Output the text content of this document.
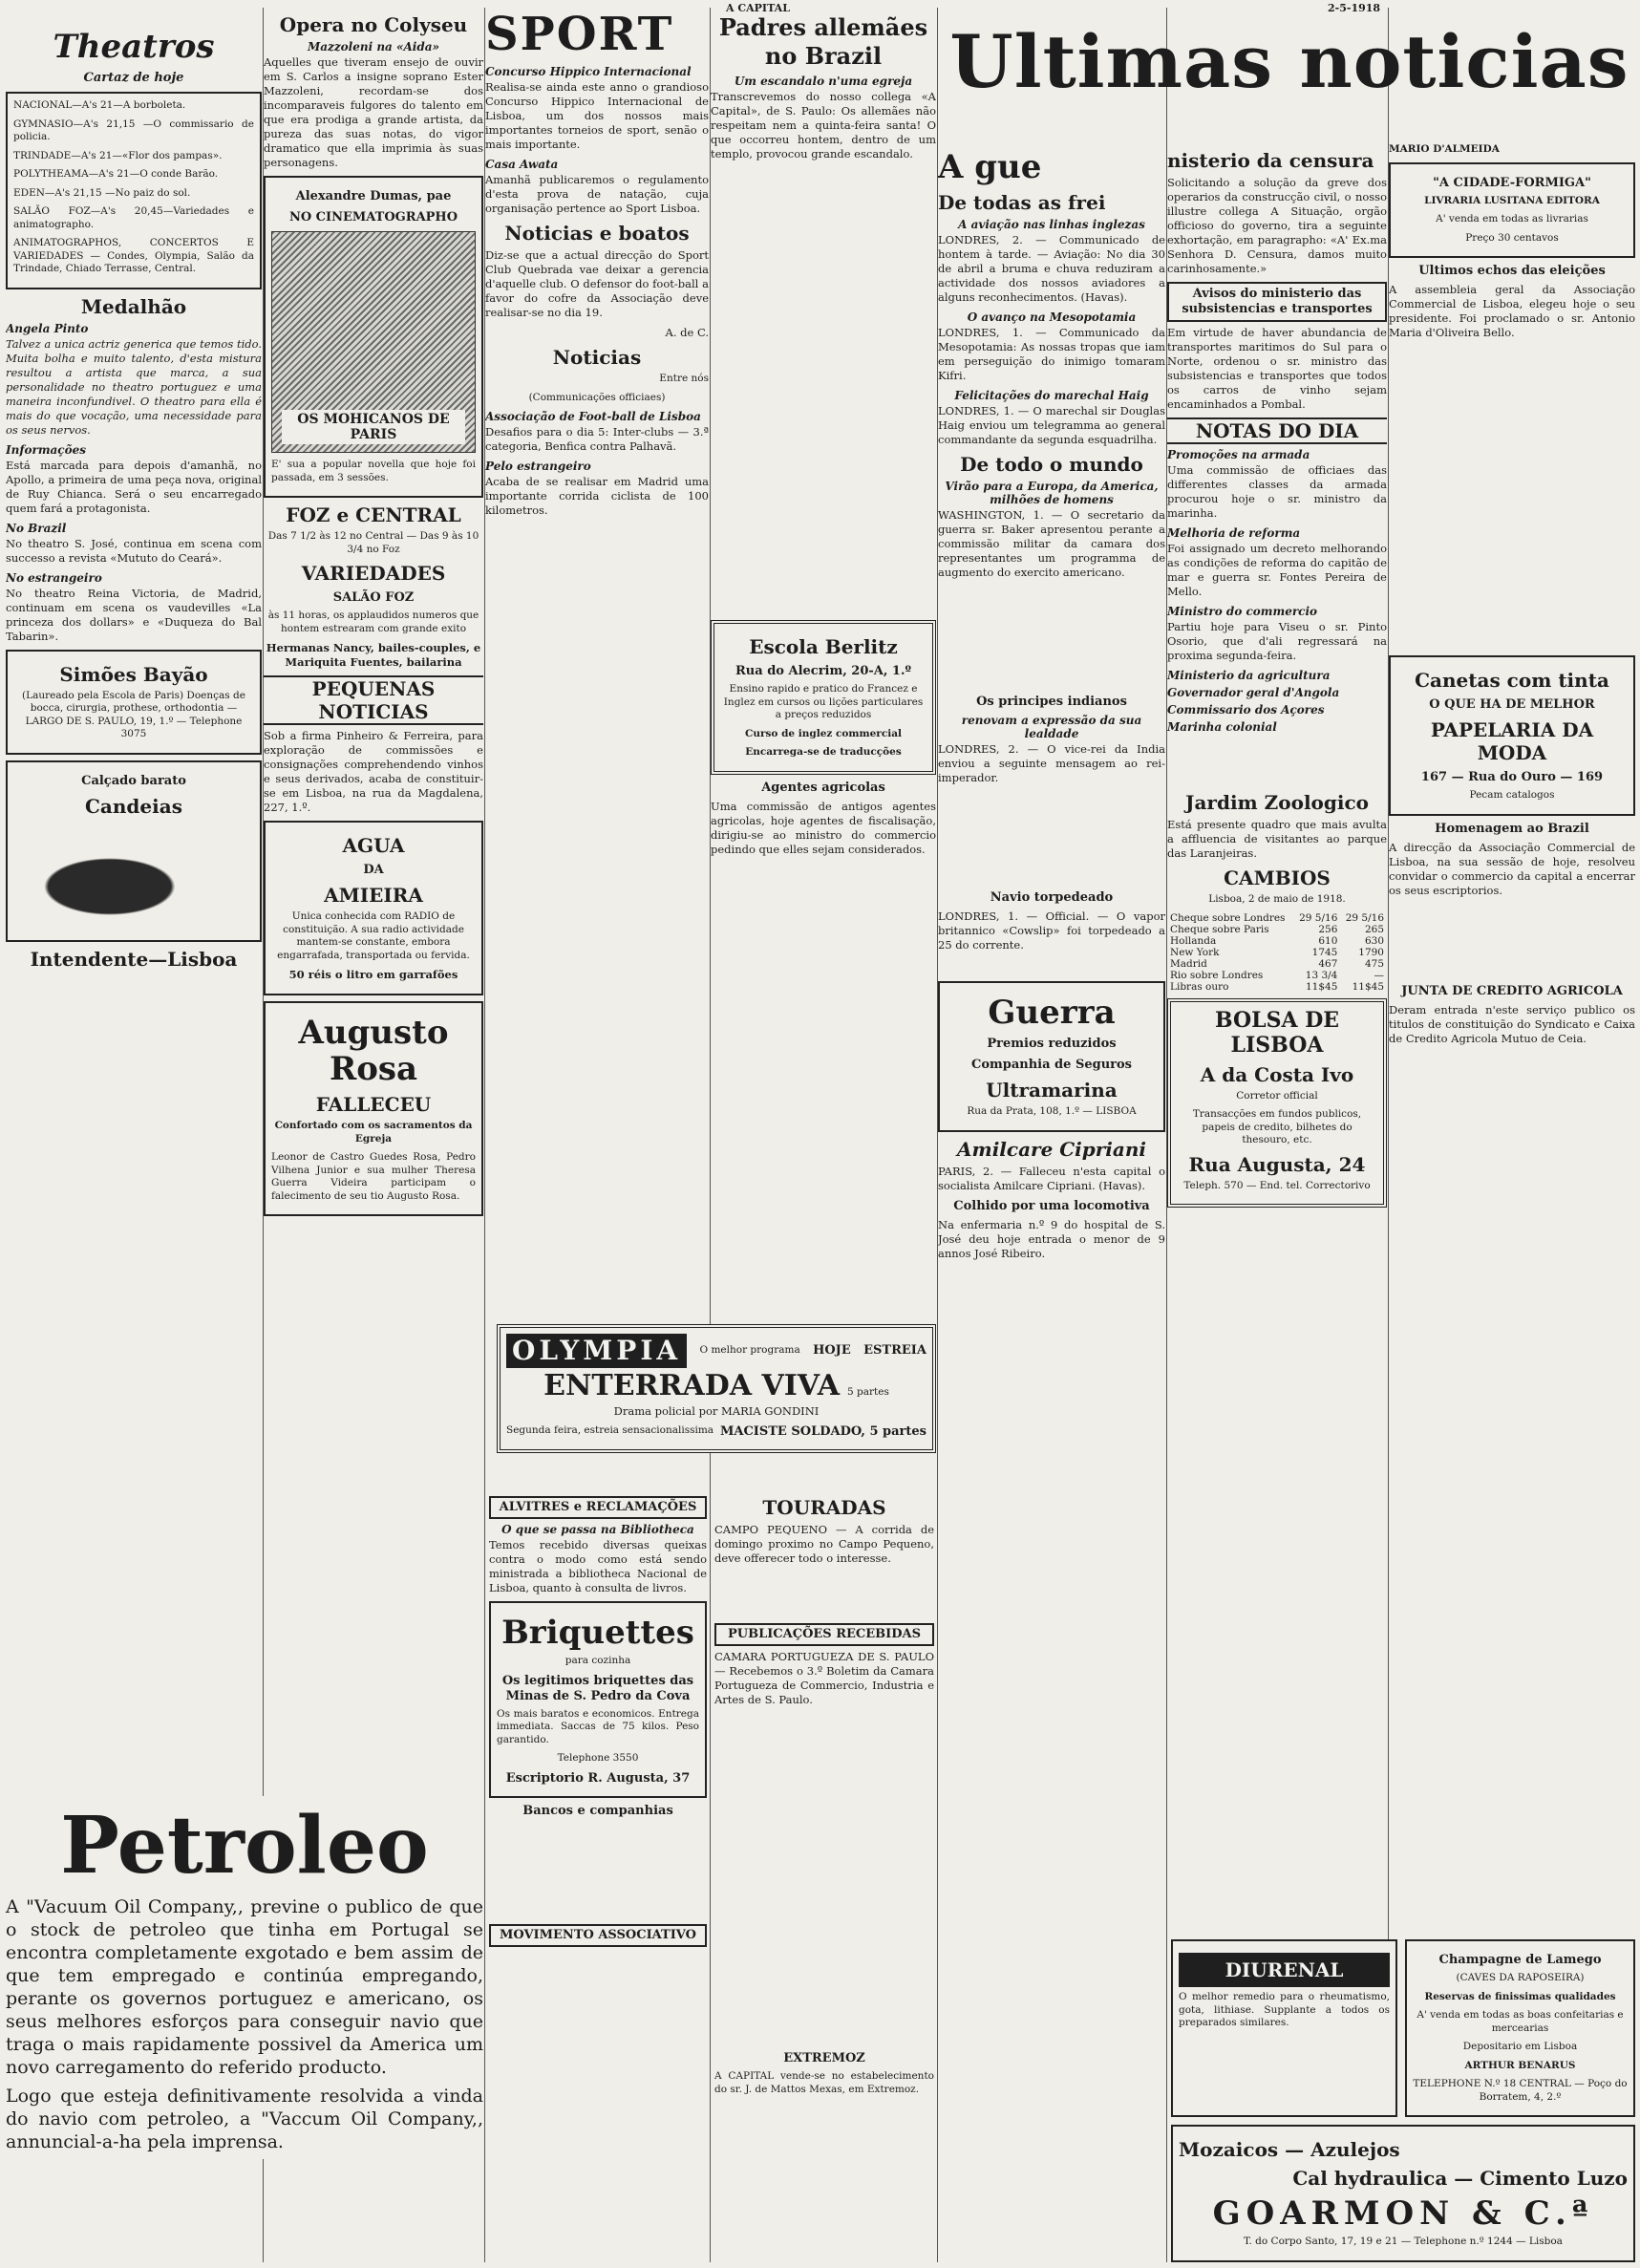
A CAPITAL	2-5-1918
Ultimas noticias
Theatros
Cartaz de hoje
NACIONAL—A's 21—A borboleta.
GYMNASIO—A's 21,15 —O commissario de policia.
TRINDADE—A's 21—«Flor dos pampas».
POLYTHEAMA—A's 21—O conde Barão.
EDEN—A's 21,15 —No paiz do sol.
SALÃO FOZ—A's 20,45—Variedades e animatographo.
ANIMATOGRAPHOS, CONCERTOS E VARIEDADES — Condes, Olympia, Salão da Trindade, Chiado Terrasse, Central.
Medalhão
Angela Pinto
Talvez a unica actriz generica que temos tido. Muita bolha e muito talento, d'esta mistura resultou a artista que marca, a sua personalidade no theatro portuguez e uma maneira inconfundivel. O theatro para ella é mais do que vocação, uma necessidade para os seus nervos.
Informações
Está marcada para depois d'amanhã, no Apollo, a primeira de uma peça nova, original de Ruy Chianca. Será o seu encarregado quem fará a protagonista.
No Brazil
No theatro S. José, continua em scena com successo a revista «Mututo do Ceará».
No estrangeiro
No theatro Reina Victoria, de Madrid, continuam em scena os vaudevilles «La princeza dos dollars» e «Duqueza do Bal Tabarin».
Simões Bayão
(Laureado pela Escola de Paris) Doenças de bocca, cirurgia, prothese, orthodontia — LARGO DE S. PAULO, 19, 1.º — Telephone 3075
Calçado barato
Candeias
Intendente—Lisboa
Petroleo
A "Vacuum Oil Company,, previne o publico de que o stock de petroleo que tinha em Portugal se encontra completamente exgotado e bem assim de que tem empregado e continúa empregando, perante os governos portuguez e americano, os seus melhores esforços para conseguir navio que traga o mais rapidamente possivel da America um novo carregamento do referido producto.
Logo que esteja definitivamente resolvida a vinda do navio com petroleo, a "Vaccum Oil Company,, annuncial-a-ha pela imprensa.
Opera no Colyseu
Mazzoleni na «Aida»
Aquelles que tiveram ensejo de ouvir em S. Carlos a insigne soprano Ester Mazzoleni, recordam-se dos incomparaveis fulgores do talento em que era prodiga a grande artista, da pureza das suas notas, do vigor dramatico que ella imprimia às suas personagens.
Alexandre Dumas, pae
NO CINEMATOGRAPHO
OS MOHICANOS DE PARIS
E' sua a popular novella que hoje foi passada, em 3 sessões.
FOZ e CENTRAL
Das 7 1/2 às 12 no Central — Das 9 às 10 3/4 no Foz
VARIEDADES
SALÃO FOZ
às 11 horas, os applaudidos numeros que hontem estrearam com grande exito
Hermanas Nancy, bailes-couples, e Mariquita Fuentes, bailarina
PEQUENAS NOTICIAS
Sob a firma Pinheiro & Ferreira, para exploração de commissões e consignações comprehendendo vinhos e seus derivados, acaba de constituir-se em Lisboa, na rua da Magdalena, 227, 1.º.
AGUA
DA
AMIEIRA
Unica conhecida com RADIO de constituição. A sua radio actividade mantem-se constante, embora engarrafada, transportada ou fervida.
50 réis o litro em garrafões
Augusto Rosa
FALLECEU
Confortado com os sacramentos da Egreja
Leonor de Castro Guedes Rosa, Pedro Vilhena Junior e sua mulher Theresa Guerra Videira participam o falecimento de seu tio Augusto Rosa.
SPORT
Concurso Hippico Internacional
Realisa-se ainda este anno o grandioso Concurso Hippico Internacional de Lisboa, um dos nossos mais importantes torneios de sport, senão o mais importante.
Casa Awata
Amanhã publicaremos o regulamento d'esta prova de natação, cuja organisação pertence ao Sport Lisboa.
Noticias e boatos
Diz-se que a actual direcção do Sport Club Quebrada vae deixar a gerencia d'aquelle club. O defensor do foot-ball a favor do cofre da Associação deve realisar-se no dia 19.
A. de C.
Noticias
Entre nós
(Communicações officiaes)
Associação de Foot-ball de Lisboa
Desafios para o dia 5: Inter-clubs — 3.ª categoria, Benfica contra Palhavã.
Pelo estrangeiro
Acaba de se realisar em Madrid uma importante corrida ciclista de 100 kilometros.
OLYMPIA	O melhor programa HOJE ESTREIA
ENTERRADA VIVA 5 partes
Drama policial por MARIA GONDINI
Segunda feira, estreia sensacionalissima MACISTE SOLDADO, 5 partes
ALVITRES e RECLAMAÇÕES
O que se passa na Bibliotheca
Temos recebido diversas queixas contra o modo como está sendo ministrada a bibliotheca Nacional de Lisboa, quanto à consulta de livros.
Briquettes
para cozinha
Os legitimos briquettes das Minas de S. Pedro da Cova
Os mais baratos e economicos. Entrega immediata. Saccas de 75 kilos. Peso garantido.
Telephone 3550
Escriptorio R. Augusta, 37
Bancos e companhias
MOVIMENTO ASSOCIATIVO
Padres allemães no Brazil
Um escandalo n'uma egreja
Transcrevemos do nosso collega «A Capital», de S. Paulo: Os allemães não respeitam nem a quinta-feira santa! O que occorreu hontem, dentro de um templo, provocou grande escandalo.
Escola Berlitz
Rua do Alecrim, 20-A, 1.º
Ensino rapido e pratico do Francez e Inglez em cursos ou lições particulares a preços reduzidos
Curso de inglez commercial
Encarrega-se de traducções
Agentes agricolas
Uma commissão de antigos agentes agricolas, hoje agentes de fiscalisação, dirigiu-se ao ministro do commercio pedindo que elles sejam considerados.
TOURADAS
CAMPO PEQUENO — A corrida de domingo proximo no Campo Pequeno, deve offerecer todo o interesse.
PUBLICAÇÕES RECEBIDAS
CAMARA PORTUGUEZA DE S. PAULO — Recebemos o 3.º Boletim da Camara Portugueza de Commercio, Industria e Artes de S. Paulo.
EXTREMOZ
A CAPITAL vende-se no estabelecimento do sr. J. de Mattos Mexas, em Extremoz.
A gue
De todas as frei
A aviação nas linhas inglezas
LONDRES, 2. — Communicado de hontem à tarde. — Aviação: No dia 30 de abril a bruma e chuva reduziram a actividade dos nossos aviadores a alguns reconhecimentos. (Havas).
O avanço na Mesopotamia
LONDRES, 1. — Communicado da Mesopotamia: As nossas tropas que iam em perseguição do inimigo tomaram Kifri.
Felicitações do marechal Haig
LONDRES, 1. — O marechal sir Douglas Haig enviou um telegramma ao general commandante da segunda esquadrilha.
De todo o mundo
Virão para a Europa, da America, milhões de homens
WASHINGTON, 1. — O secretario da guerra sr. Baker apresentou perante a commissão militar da camara dos representantes um programma de augmento do exercito americano.
Os principes indianos
renovam a expressão da sua lealdade
LONDRES, 2. — O vice-rei da India enviou a seguinte mensagem ao rei-imperador.
Navio torpedeado
LONDRES, 1. — Official. — O vapor britannico «Cowslip» foi torpedeado a 25 do corrente.
Guerra
Premios reduzidos
Companhia de Seguros
Ultramarina
Rua da Prata, 108, 1.º — LISBOA
Amilcare Cipriani
PARIS, 2. — Falleceu n'esta capital o socialista Amilcare Cipriani. (Havas).
Colhido por uma locomotiva
Na enfermaria n.º 9 do hospital de S. José deu hoje entrada o menor de 9 annos José Ribeiro.
nisterio da censura
Solicitando a solução da greve dos operarios da construcção civil, o nosso illustre collega A Situação, orgão officioso do governo, tira a seguinte exhortação, em paragrapho: «A' Ex.ma Senhora D. Censura, damos muito carinhosamente.»
Avisos do ministerio das subsistencias e transportes
Em virtude de haver abundancia de transportes maritimos do Sul para o Norte, ordenou o sr. ministro das subsistencias e transportes que todos os carros de vinho sejam encaminhados a Pombal.
NOTAS DO DIA
Promoções na armada
Uma commissão de officiaes das differentes classes da armada procurou hoje o sr. ministro da marinha.
Melhoria de reforma
Foi assignado um decreto melhorando as condições de reforma do capitão de mar e guerra sr. Fontes Pereira de Mello.
Ministro do commercio
Partiu hoje para Viseu o sr. Pinto Osorio, que d'ali regressará na proxima segunda-feira.
Ministerio da agricultura
Governador geral d'Angola
Commissario dos Açores
Marinha colonial
Jardim Zoologico
Está presente quadro que mais avulta a affluencia de visitantes ao parque das Laranjeiras.
CAMBIOS
Lisboa, 2 de maio de 1918.
Cheque sobre Londres	29 5/16	29 5/16
Cheque sobre Paris	256	265
Hollanda	610	630
New York	1745	1790
Madrid	467	475
Rio sobre Londres	13 3/4	—
Libras ouro	11$45	11$45
BOLSA DE LISBOA
A da Costa Ivo
Corretor official
Transacções em fundos publicos, papeis de credito, bilhetes do thesouro, etc.
Rua Augusta, 24
Teleph. 570 — End. tel. Correctorivo
DIURENAL
O melhor remedio para o rheumatismo, gota, lithiase. Supplante a todos os preparados similares.
Champagne de Lamego
(CAVES DA RAPOSEIRA)
Reservas de finissimas qualidades
A' venda em todas as boas confeitarias e mercearias
Depositario em Lisboa
ARTHUR BENARUS
TELEPHONE N.º 18 CENTRAL — Poço do Borratem, 4, 2.º
Mozaicos — Azulejos
Cal hydraulica — Cimento Luzo
GOARMON & C.ª
T. do Corpo Santo, 17, 19 e 21 — Telephone n.º 1244 — Lisboa
MARIO D'ALMEIDA
"A CIDADE-FORMIGA"
LIVRARIA LUSITANA EDITORA
A' venda em todas as livrarias
Preço 30 centavos
Ultimos echos das eleições
A assembleia geral da Associação Commercial de Lisboa, elegeu hoje o seu presidente. Foi proclamado o sr. Antonio Maria d'Oliveira Bello.
Canetas com tinta
O QUE HA DE MELHOR
PAPELARIA DA MODA
167 — Rua do Ouro — 169
Pecam catalogos
Homenagem ao Brazil
A direcção da Associação Commercial de Lisboa, na sua sessão de hoje, resolveu convidar o commercio da capital a encerrar os seus escriptorios.
JUNTA DE CREDITO AGRICOLA
Deram entrada n'este serviço publico os titulos de constituição do Syndicato e Caixa de Credito Agricola Mutuo de Ceia.
